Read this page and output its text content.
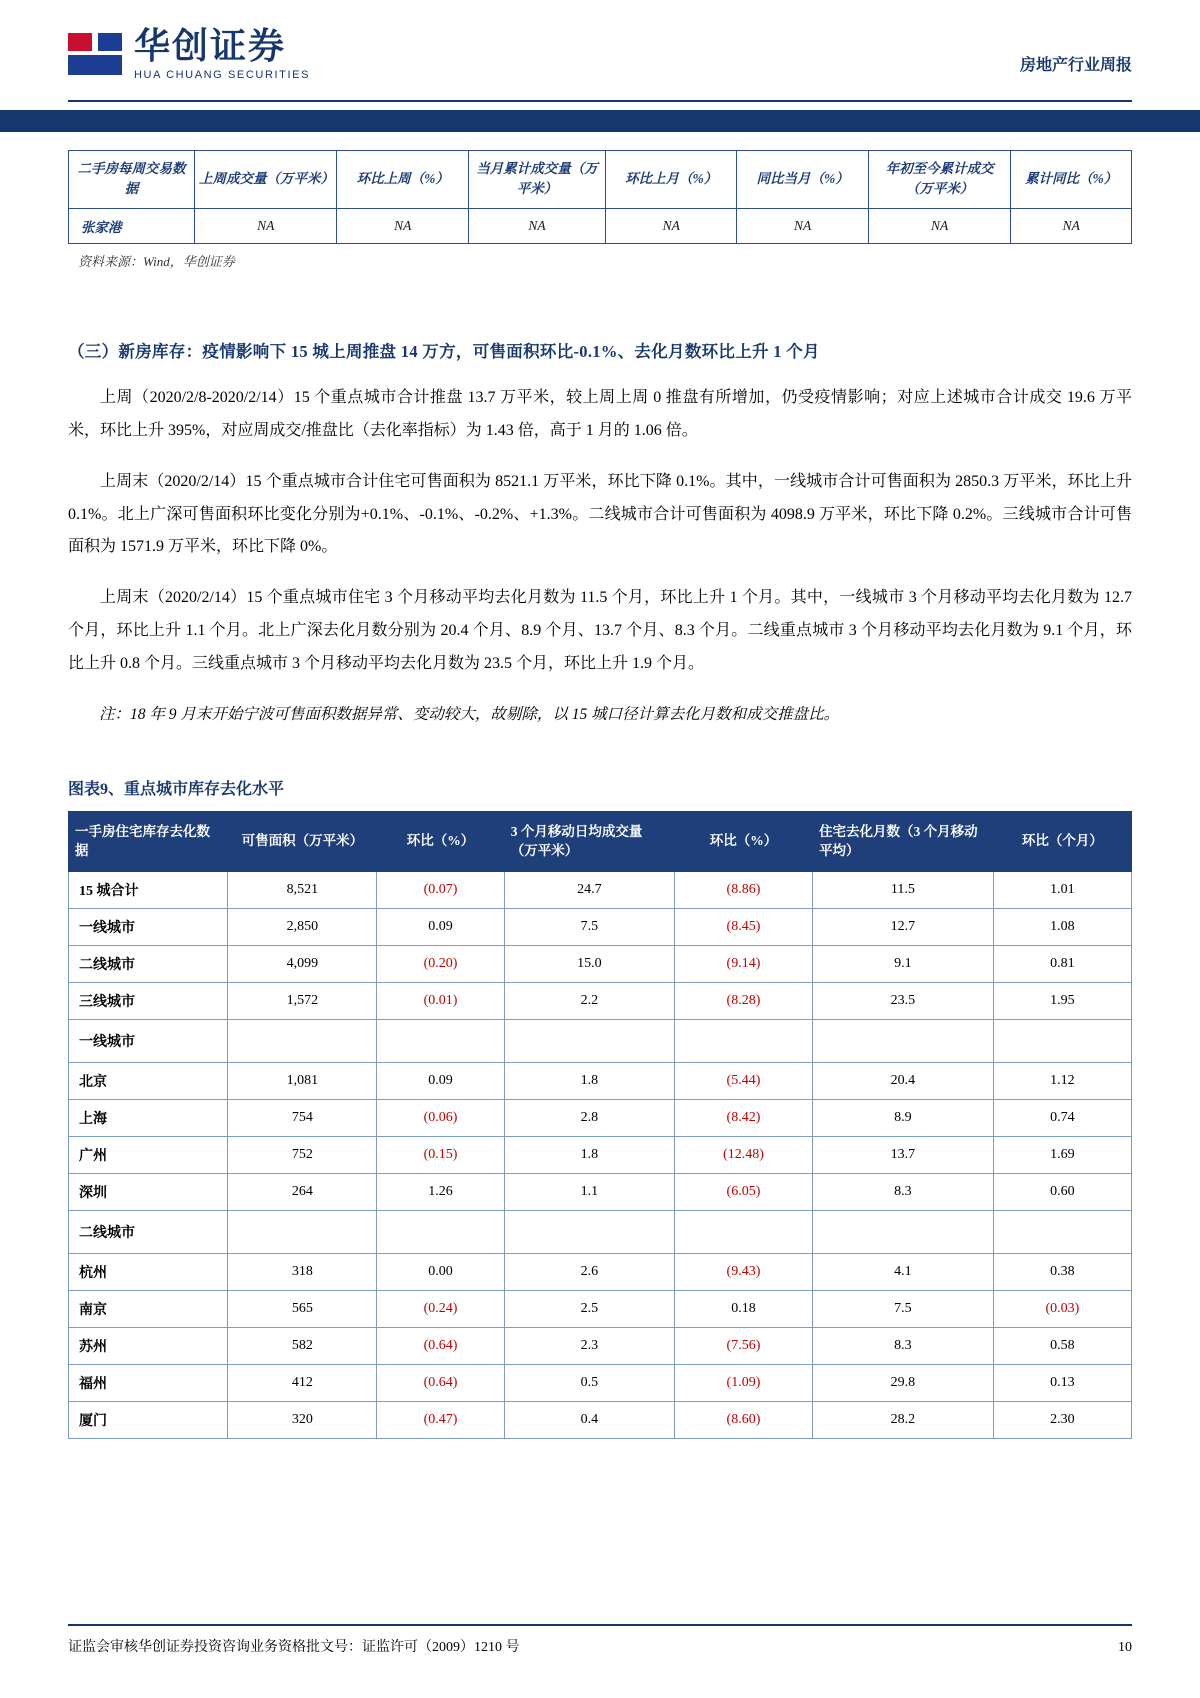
华创证券
HUA CHUANG SECURITIES
房地产行业周报
二手房每周交易数据	上周成交量（万平米）	环比上周（%）	当月累计成交量（万平米）	环比上月（%）	同比当月（%）	年初至今累计成交（万平米）	累计同比（%）
张家港	NA	NA	NA	NA	NA	NA	NA
资料来源：Wind，华创证券
（三）新房库存：疫情影响下 15 城上周推盘 14 万方，可售面积环比-0.1%、去化月数环比上升 1 个月

上周（2020/2/8-2020/2/14）15 个重点城市合计推盘 13.7 万平米，较上周上周 0 推盘有所增加，仍受疫情影响；对应上述城市合计成交 19.6 万平米，环比上升 395%，对应周成交/推盘比（去化率指标）为 1.43 倍，高于 1 月的 1.06 倍。

上周末（2020/2/14）15 个重点城市合计住宅可售面积为 8521.1 万平米，环比下降 0.1%。其中，一线城市合计可售面积为 2850.3 万平米，环比上升 0.1%。北上广深可售面积环比变化分别为+0.1%、-0.1%、-0.2%、+1.3%。二线城市合计可售面积为 4098.9 万平米，环比下降 0.2%。三线城市合计可售面积为 1571.9 万平米，环比下降 0%。

上周末（2020/2/14）15 个重点城市住宅 3 个月移动平均去化月数为 11.5 个月，环比上升 1 个月。其中，一线城市 3 个月移动平均去化月数为 12.7 个月，环比上升 1.1 个月。北上广深去化月数分别为 20.4 个月、8.9 个月、13.7 个月、8.3 个月。二线重点城市 3 个月移动平均去化月数为 9.1 个月，环比上升 0.8 个月。三线重点城市 3 个月移动平均去化月数为 23.5 个月，环比上升 1.9 个月。

注：18 年 9 月末开始宁波可售面积数据异常、变动较大，故剔除，以 15 城口径计算去化月数和成交推盘比。

图表9、重点城市库存去化水平
一手房住宅库存去化数据	可售面积（万平米）	环比（%）	3 个月移动日均成交量（万平米）	环比（%）	住宅去化月数（3 个月移动平均）	环比（个月）
15 城合计	8,521	(0.07)	24.7	(8.86)	11.5	1.01
一线城市	2,850	0.09	7.5	(8.45)	12.7	1.08
二线城市	4,099	(0.20)	15.0	(9.14)	9.1	0.81
三线城市	1,572	(0.01)	2.2	(8.28)	23.5	1.95
一线城市						
北京	1,081	0.09	1.8	(5.44)	20.4	1.12
上海	754	(0.06)	2.8	(8.42)	8.9	0.74
广州	752	(0.15)	1.8	(12.48)	13.7	1.69
深圳	264	1.26	1.1	(6.05)	8.3	0.60
二线城市						
杭州	318	0.00	2.6	(9.43)	4.1	0.38
南京	565	(0.24)	2.5	0.18	7.5	(0.03)
苏州	582	(0.64)	2.3	(7.56)	8.3	0.58
福州	412	(0.64)	0.5	(1.09)	29.8	0.13
厦门	320	(0.47)	0.4	(8.60)	28.2	2.30
证监会审核华创证券投资咨询业务资格批文号：证监许可（2009）1210 号	10
